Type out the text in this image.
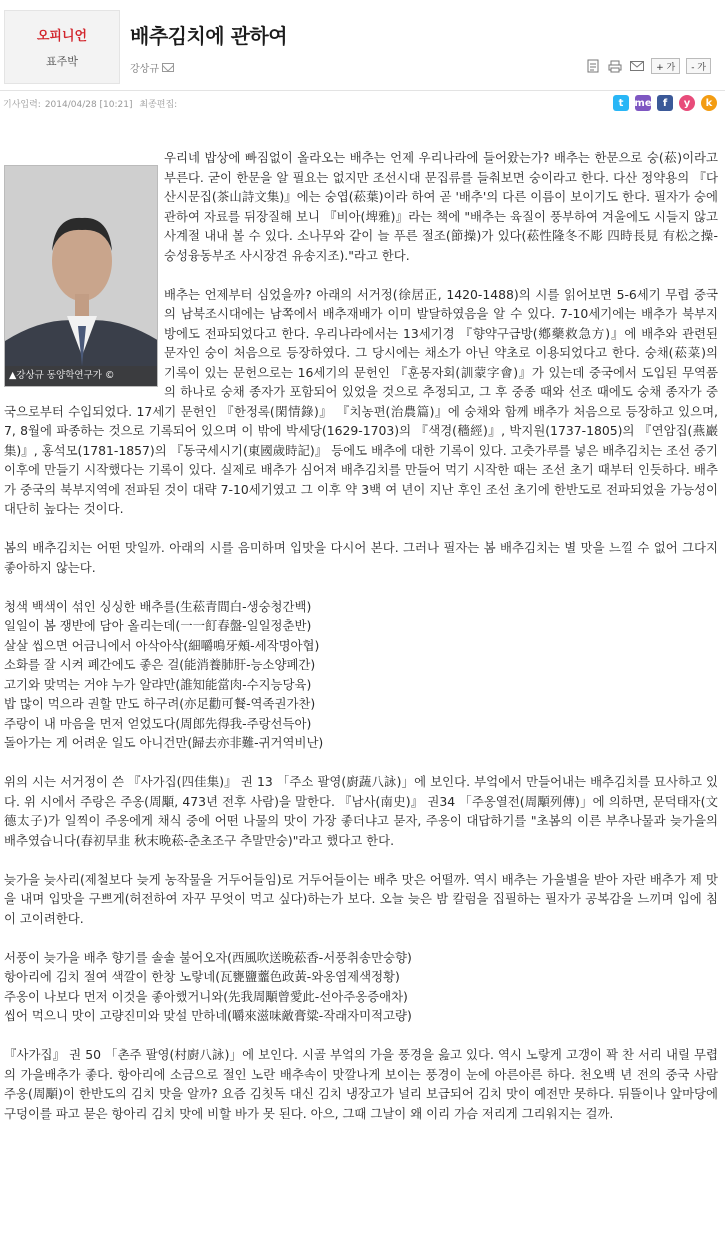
오피니언
표주박
배추김치에 관하여
강상규	+ 가	- 가
기사입력: 2014/04/28 [10:21] 최종편집:	t	me	f	y	k
▲강상규 동양학연구가 ©

우리네 밥상에 빠짐없이 올라오는 배추는 언제 우리나라에 들어왔는가? 배추는 한문으로 숭(菘)이라고 부른다. 굳이 한문을 알 필요는 없지만 조선시대 문집류를 들춰보면 숭이라고 한다. 다산 정약용의 『다산시문집(茶山詩文集)』에는 숭엽(菘葉)이라 하여 곧 '배추'의 다른 이름이 보이기도 한다. 필자가 숭에 관하여 자료를 뒤장질해 보니 『비아(埤雅)』라는 책에 "배추는 육질이 풍부하여 겨울에도 시들지 않고 사계절 내내 볼 수 있다. 소나무와 같이 늘 푸른 절조(節操)가 있다(菘性隆冬不彫 四時長見 有松之操-숭성융동부조 사시장견 유송지조)."라고 한다.

배추는 언제부터 심었을까? 아래의 서거정(徐居正, 1420-1488)의 시를 읽어보면 5-6세기 무렵 중국의 남북조시대에는 남쪽에서 배추재배가 이미 발달하였음을 알 수 있다. 7-10세기에는 배추가 북부지방에도 전파되었다고 한다. 우리나라에서는 13세기경 『향약구급방(鄕藥救急方)』에 배추와 관련된 문자인 숭이 처음으로 등장하였다. 그 당시에는 채소가 아닌 약초로 이용되었다고 한다. 숭채(菘菜)의 기록이 있는 문헌으로는 16세기의 문헌인 『훈몽자회(訓蒙字會)』가 있는데 중국에서 도입된 무역품의 하나로 숭채 종자가 포함되어 있었을 것으로 추정되고, 그 후 중종 때와 선조 때에도 숭채 종자가 중국으로부터 수입되었다. 17세기 문헌인 『한정록(閑情錄)』 『치농편(治農篇)』에 숭채와 함께 배추가 처음으로 등장하고 있으며, 7, 8월에 파종하는 것으로 기록되어 있으며 이 밖에 박세당(1629-1703)의 『색경(穡經)』, 박지원(1737-1805)의 『연암집(燕巖集)』, 홍석모(1781-1857)의 『동국세시기(東國歲時記)』 등에도 배추에 대한 기록이 있다. 고춧가루를 넣은 배추김치는 조선 중기 이후에 만들기 시작했다는 기록이 있다. 실제로 배추가 심어져 배추김치를 만들어 먹기 시작한 때는 조선 초기 때부터 인듯하다. 배추가 중국의 북부지역에 전파된 것이 대략 7-10세기였고 그 이후 약 3백 여 년이 지난 후인 조선 초기에 한반도로 전파되었을 가능성이 대단히 높다는 것이다.

봄의 배추김치는 어떤 맛일까. 아래의 시를 음미하며 입맛을 다시어 본다. 그러나 필자는 봄 배추김치는 별 맛을 느낄 수 없어 그다지 좋아하지 않는다.

청색 백색이 섞인 싱싱한 배추를(生菘青間白-생숭청간백)
일일이 봄 쟁반에 담아 올리는데(一一飣春盤-일일정춘반)
살살 씹으면 어금니에서 아삭아삭(細嚼鳴牙頰-세작명아협)
소화를 잘 시켜 폐간에도 좋은 걸(能消養肺肝-능소양폐간)
고기와 맞먹는 거야 누가 알랴만(誰知能當肉-수지능당육)
밥 많이 먹으라 권할 만도 하구려(亦足勸可餐-역족권가찬)
주랑이 내 마음을 먼저 얻었도다(周郎先得我-주랑선득아)
돌아가는 게 어려운 일도 아니건만(歸去亦非難-귀거역비난)

위의 시는 서거정이 쓴 『사가집(四佳集)』 권 13 「주소 팔영(廚蔬八詠)」에 보인다. 부엌에서 만들어내는 배추김치를 묘사하고 있다. 위 시에서 주랑은 주옹(周顒, 473년 전후 사람)을 말한다. 『남사(南史)』 권34 「주옹열전(周顒列傳)」에 의하면, 문덕태자(文德太子)가 일찍이 주옹에게 채식 중에 어떤 나물의 맛이 가장 좋더냐고 묻자, 주옹이 대답하기를 "초봄의 이른 부추나물과 늦가을의 배추였습니다(春初早韭 秋末晩菘-춘초조구 추말만숭)"라고 했다고 한다.

늦가을 늦사리(제철보다 늦게 농작물을 거두어들임)로 거두어들이는 배추 맛은 어떨까. 역시 배추는 가을별을 받아 자란 배추가 제 맛을 내며 입맛을 구쁘게(허전하여 자꾸 무엇이 먹고 싶다)하는가 보다. 오늘 늦은 밤 칼럼을 집필하는 필자가 공복감을 느끼며 입에 침이 고이려한다.

서풍이 늦가을 배추 향기를 솔솔 불어오자(西風吹送晩菘香-서풍취송만숭향)
항아리에 김치 절여 색깔이 한창 노랗네(瓦甕鹽虀色政黃-와옹염제색정황)
주옹이 나보다 먼저 이것을 좋아했거니와(先我周顒曾愛此-선아주옹증애차)
씹어 먹으니 맛이 고량진미와 맞설 만하네(嚼來滋味敵膏粱-작래자미적고량)

『사가집』 권 50 「촌주 팔영(村廚八詠)」에 보인다. 시골 부엌의 가을 풍경을 읊고 있다. 역시 노랗게 고갱이 꽉 찬 서리 내릴 무렵의 가을배추가 좋다. 항아리에 소금으로 절인 노란 배추속이 맛깔나게 보이는 풍경이 눈에 아른아른 하다. 천오백 년 전의 중국 사람 주옹(周顒)이 한반도의 김치 맛을 알까? 요즘 김칫독 대신 김치 냉장고가 널리 보급되어 김치 맛이 예전만 못하다. 뒤뜰이나 앞마당에 구덩이를 파고 묻은 항아리 김치 맛에 비할 바가 못 된다. 아으, 그때 그날이 왜 이리 가슴 저리게 그리워지는 걸까.
